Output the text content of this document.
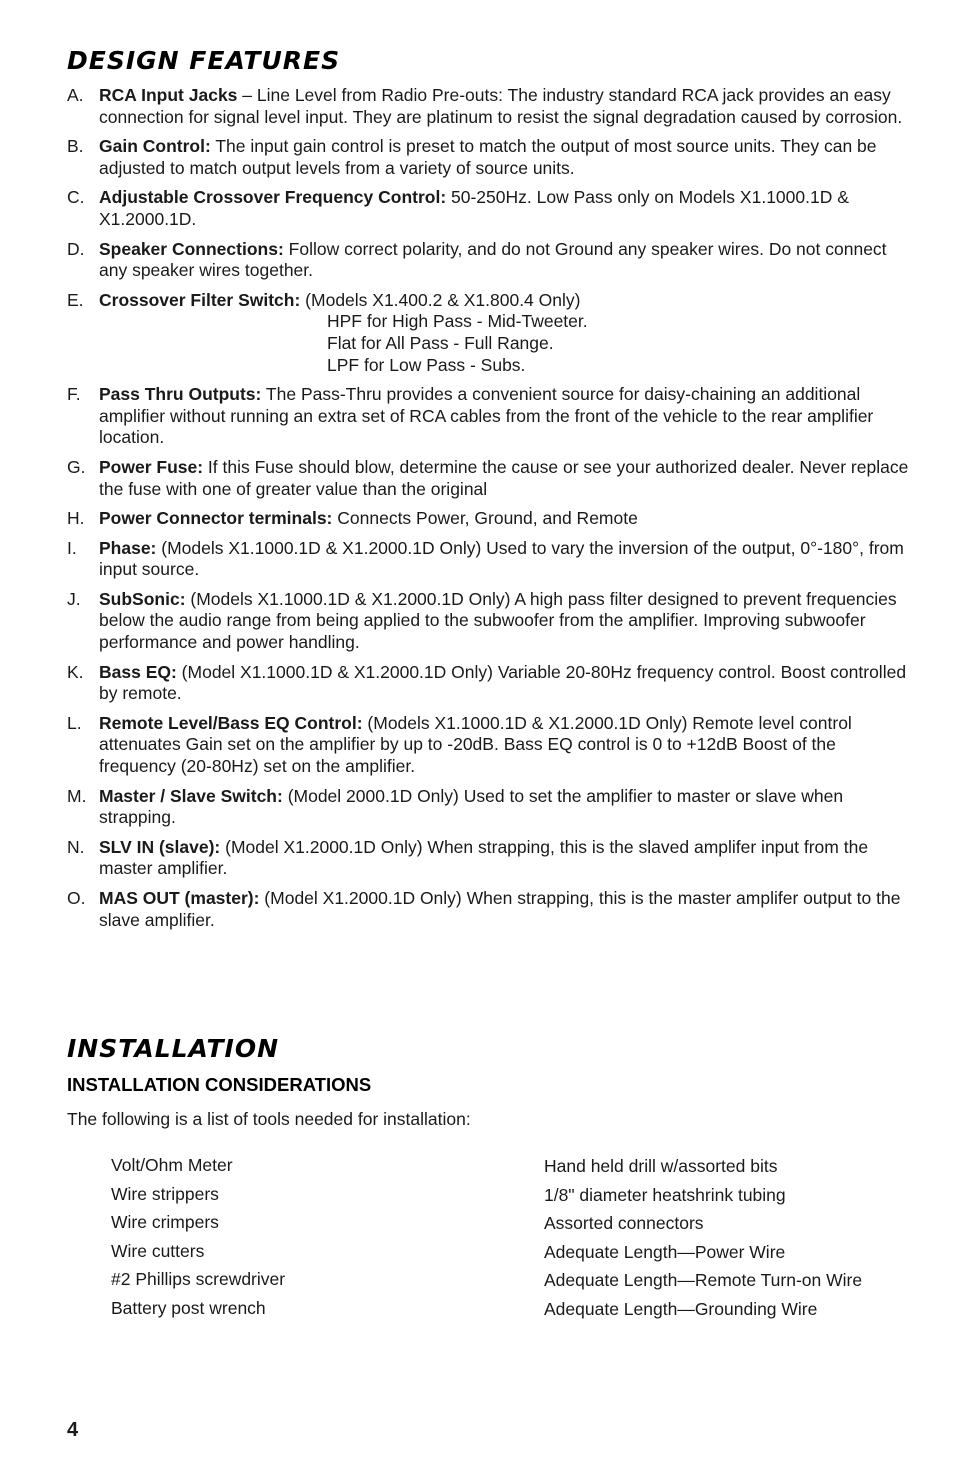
DESIGN FEATURES
A. RCA Input Jacks – Line Level from Radio Pre-outs: The industry standard RCA jack provides an easy connection for signal level input. They are platinum to resist the signal degradation caused by corrosion.
B. Gain Control: The input gain control is preset to match the output of most source units. They can be adjusted to match output levels from a variety of source units.
C. Adjustable Crossover Frequency Control: 50-250Hz. Low Pass only on Models X1.1000.1D & X1.2000.1D.
D. Speaker Connections: Follow correct polarity, and do not Ground any speaker wires. Do not connect any speaker wires together.
E. Crossover Filter Switch: (Models X1.400.2 & X1.800.4 Only)
HPF for High Pass - Mid-Tweeter.
Flat for All Pass - Full Range.
LPF for Low Pass - Subs.
F.	Pass Thru Outputs: The Pass-Thru provides a convenient source for daisy-chaining an additional amplifier without running an extra set of RCA cables from the front of the vehicle to the rear amplifier location.
G. Power Fuse: If this Fuse should blow, determine the cause or see your authorized dealer. Never replace the fuse with one of greater value than the original
H. Power Connector terminals: Connects Power, Ground, and Remote
I.	Phase: (Models X1.1000.1D & X1.2000.1D Only) Used to vary the inversion of the output, 0°-180°, from input source.
J.	SubSonic: (Models X1.1000.1D & X1.2000.1D Only) A high pass filter designed to prevent frequencies below the audio range from being applied to the subwoofer from the amplifier. Improving subwoofer performance and power handling.
K. Bass EQ: (Model X1.1000.1D & X1.2000.1D Only) Variable 20-80Hz frequency control. Boost controlled by remote.
L. Remote Level/Bass EQ Control: (Models X1.1000.1D & X1.2000.1D Only) Remote level control attenuates Gain set on the amplifier by up to -20dB. Bass EQ control is 0 to +12dB Boost of the frequency (20-80Hz) set on the amplifier.
M. Master / Slave Switch: (Model 2000.1D Only) Used to set the amplifier to master or slave when strapping.
N. SLV IN (slave): (Model X1.2000.1D Only) When strapping, this is the slaved amplifer input from the master amplifier.
O. MAS OUT (master): (Model X1.2000.1D Only) When strapping, this is the master amplifer output to the slave amplifier.
INSTALLATION
INSTALLATION CONSIDERATIONS

The following is a list of tools needed for installation:

Volt/Ohm Meter
Wire strippers
Wire crimpers
Wire cutters
#2 Phillips screwdriver
Battery post wrench
Hand held drill w/assorted bits
1/8" diameter heatshrink tubing
Assorted connectors
Adequate Length—Power Wire
Adequate Length—Remote Turn-on Wire
Adequate Length—Grounding Wire
4
